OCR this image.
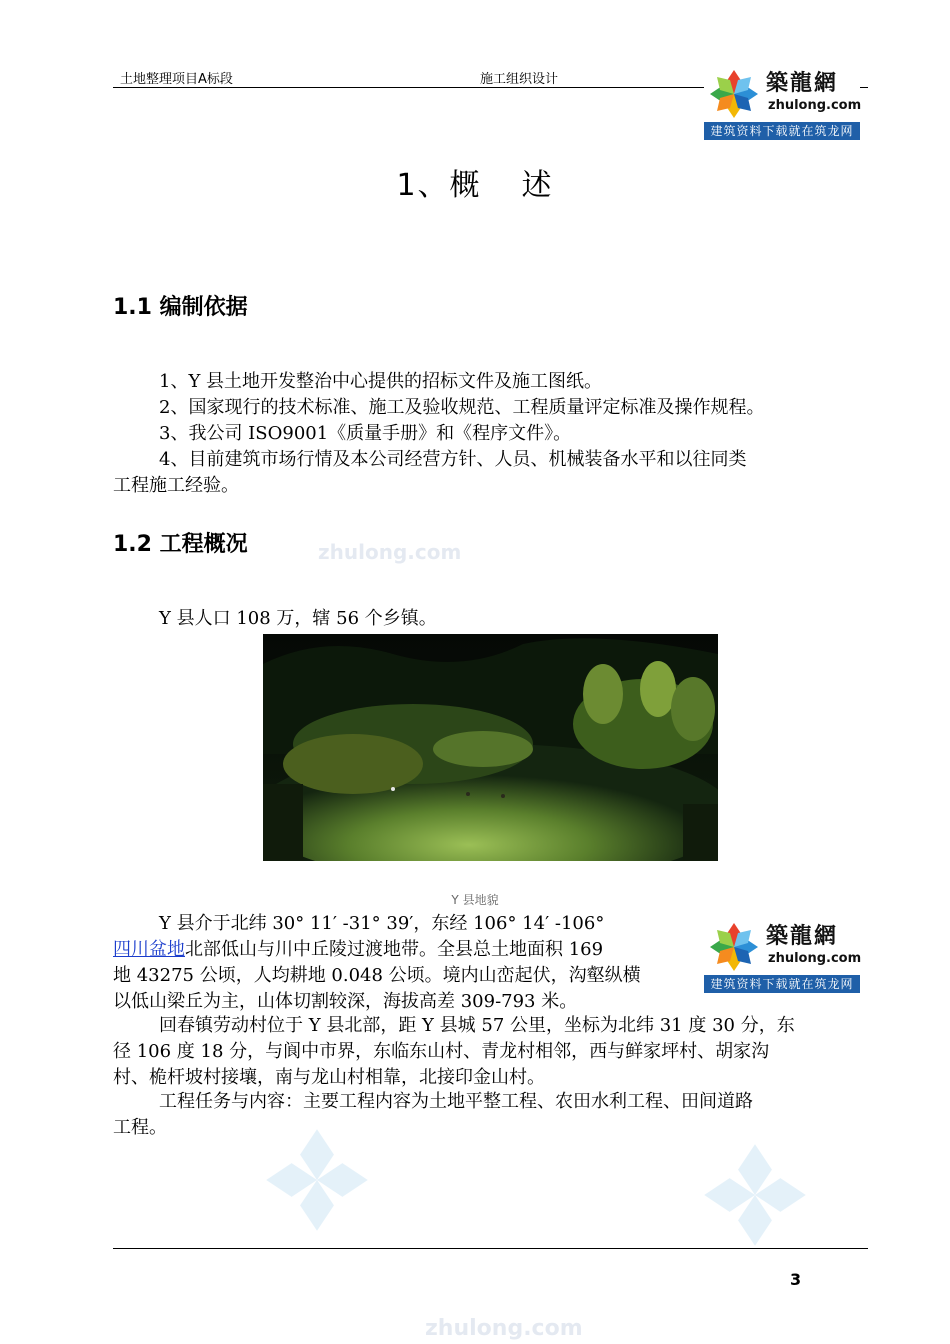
土地整理项目A标段	施工组织设计	築龍網
zhulong.com
建筑资料下载就在筑龙网
1、概 述
1.1 编制依据
1、Y 县土地开发整治中心提供的招标文件及施工图纸。
2、国家现行的技术标准、施工及验收规范、工程质量评定标准及操作规程。
3、我公司 ISO9001《质量手册》和《程序文件》。
4、目前建筑市场行情及本公司经营方针、人员、机械装备水平和以往同类
工程施工经验。
zhulong.com
1.2 工程概况
Y 县人口 108 万，辖 56 个乡镇。
Y 县地貌
Y 县介于北纬 30° 11′ -31° 39′，东经 106° 14′ -106°
四川盆地北部低山与川中丘陵过渡地带。全县总土地面积 169
地 43275 公顷，人均耕地 0.048 公顷。境内山峦起伏，沟壑纵横
以低山梁丘为主，山体切割较深，海拔高差 309-793 米。
築龍網
zhulong.com
建筑资料下载就在筑龙网
回春镇劳动村位于 Y 县北部，距 Y 县城 57 公里，坐标为北纬 31 度 30 分，东
径 106 度 18 分，与阆中市界，东临东山村、青龙村相邻，西与鲜家坪村、胡家沟
村、桅杆坡村接壤，南与龙山村相靠，北接印金山村。
工程任务与内容：主要工程内容为土地平整工程、农田水利工程、田间道路
工程。
3
zhulong.com
